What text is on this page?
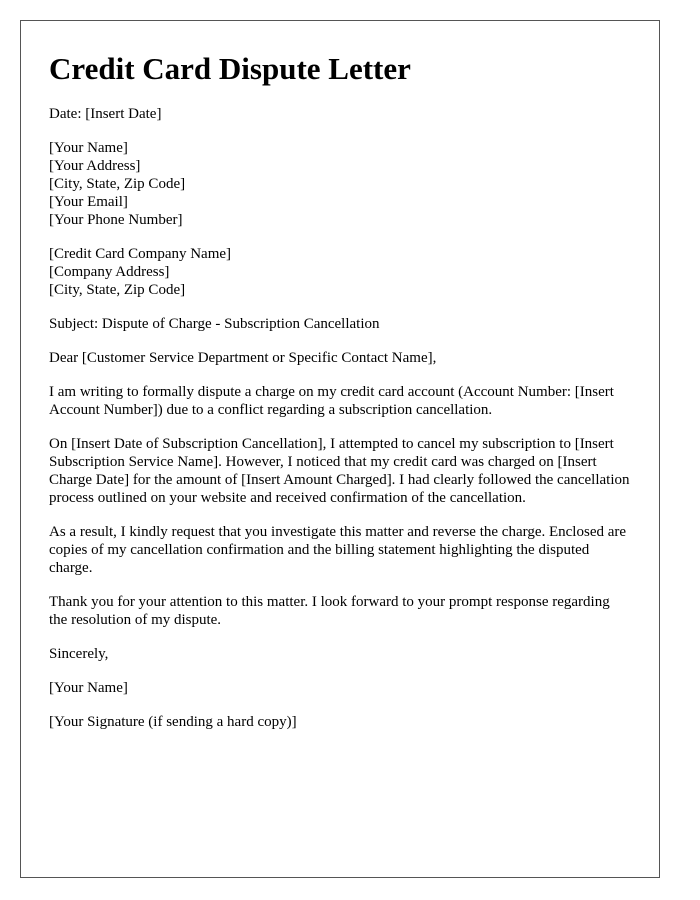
Credit Card Dispute Letter

Date: [Insert Date]

[Your Name]
[Your Address]
[City, State, Zip Code]
[Your Email]
[Your Phone Number]

[Credit Card Company Name]
[Company Address]
[City, State, Zip Code]

Subject: Dispute of Charge - Subscription Cancellation

Dear [Customer Service Department or Specific Contact Name],

I am writing to formally dispute a charge on my credit card account (Account Number: [Insert Account Number]) due to a conflict regarding a subscription cancellation.

On [Insert Date of Subscription Cancellation], I attempted to cancel my subscription to [Insert Subscription Service Name]. However, I noticed that my credit card was charged on [Insert Charge Date] for the amount of [Insert Amount Charged]. I had clearly followed the cancellation process outlined on your website and received confirmation of the cancellation.

As a result, I kindly request that you investigate this matter and reverse the charge. Enclosed are copies of my cancellation confirmation and the billing statement highlighting the disputed charge.

Thank you for your attention to this matter. I look forward to your prompt response regarding the resolution of my dispute.

Sincerely,

[Your Name]

[Your Signature (if sending a hard copy)]
